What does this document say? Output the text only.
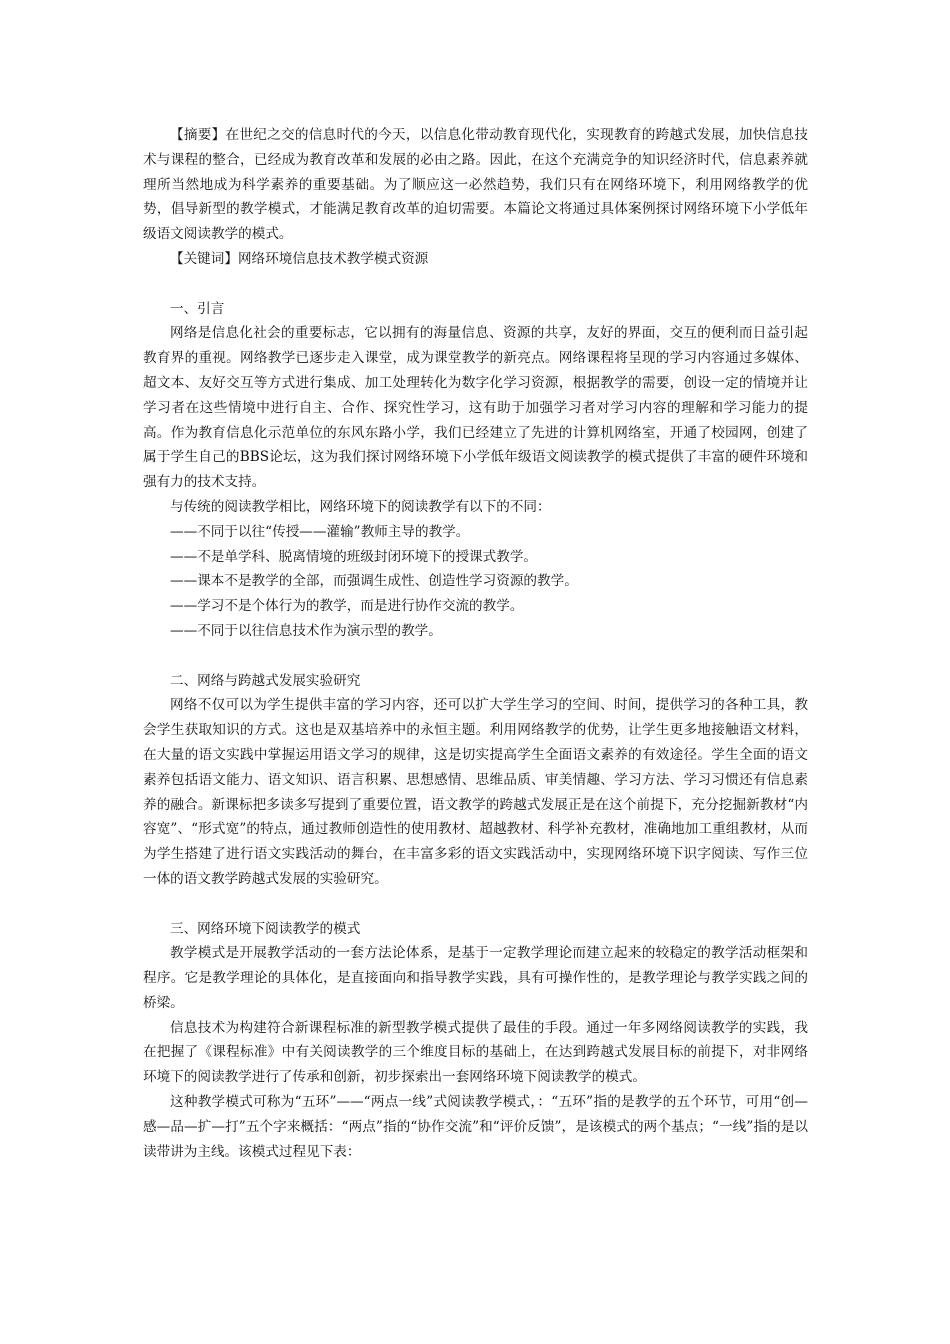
【摘要】在世纪之交的信息时代的今天，以信息化带动教育现代化，实现教育的跨越式发展，加快信息技术与课程的整合，已经成为教育改革和发展的必由之路。因此，在这个充满竞争的知识经济时代，信息素养就理所当然地成为科学素养的重要基础。为了顺应这一必然趋势，我们只有在网络环境下，利用网络教学的优势，倡导新型的教学模式，才能满足教育改革的迫切需要。本篇论文将通过具体案例探讨网络环境下小学低年级语文阅读教学的模式。

【关键词】网络环境信息技术教学模式资源

一、引言

网络是信息化社会的重要标志，它以拥有的海量信息、资源的共享，友好的界面，交互的便利而日益引起教育界的重视。网络教学已逐步走入课堂，成为课堂教学的新亮点。网络课程将呈现的学习内容通过多媒体、超文本、友好交互等方式进行集成、加工处理转化为数字化学习资源，根据教学的需要，创设一定的情境并让学习者在这些情境中进行自主、合作、探究性学习，这有助于加强学习者对学习内容的理解和学习能力的提高。作为教育信息化示范单位的东风东路小学，我们已经建立了先进的计算机网络室，开通了校园网，创建了属于学生自己的BBS论坛，这为我们探讨网络环境下小学低年级语文阅读教学的模式提供了丰富的硬件环境和强有力的技术支持。

与传统的阅读教学相比，网络环境下的阅读教学有以下的不同：

——不同于以往“传授——灌输”教师主导的教学。

——不是单学科、脱离情境的班级封闭环境下的授课式教学。

——课本不是教学的全部，而强调生成性、创造性学习资源的教学。

——学习不是个体行为的教学，而是进行协作交流的教学。

——不同于以往信息技术作为演示型的教学。

二、网络与跨越式发展实验研究

网络不仅可以为学生提供丰富的学习内容，还可以扩大学生学习的空间、时间，提供学习的各种工具，教会学生获取知识的方式。这也是双基培养中的永恒主题。利用网络教学的优势，让学生更多地接触语文材料，在大量的语文实践中掌握运用语文学习的规律，这是切实提高学生全面语文素养的有效途径。学生全面的语文素养包括语文能力、语文知识、语言积累、思想感情、思维品质、审美情趣、学习方法、学习习惯还有信息素养的融合。新课标把多读多写提到了重要位置，语文教学的跨越式发展正是在这个前提下，充分挖掘新教材“内容宽”、“形式宽”的特点，通过教师创造性的使用教材、超越教材、科学补充教材，准确地加工重组教材，从而为学生搭建了进行语文实践活动的舞台，在丰富多彩的语文实践活动中，实现网络环境下识字阅读、写作三位一体的语文教学跨越式发展的实验研究。

三、网络环境下阅读教学的模式

教学模式是开展教学活动的一套方法论体系，是基于一定教学理论而建立起来的较稳定的教学活动框架和程序。它是教学理论的具体化，是直接面向和指导教学实践，具有可操作性的，是教学理论与教学实践之间的桥梁。

信息技术为构建符合新课程标准的新型教学模式提供了最佳的手段。通过一年多网络阅读教学的实践，我在把握了《课程标准》中有关阅读教学的三个维度目标的基础上，在达到跨越式发展目标的前提下，对非网络环境下的阅读教学进行了传承和创新，初步探索出一套网络环境下阅读教学的模式。

这种教学模式可称为“五环”——“两点一线”式阅读教学模式，：“五环”指的是教学的五个环节，可用“创—感—品—扩—打”五个字来概括：“两点”指的“协作交流”和“评价反馈”，是该模式的两个基点；“一线”指的是以读带讲为主线。该模式过程见下表：
